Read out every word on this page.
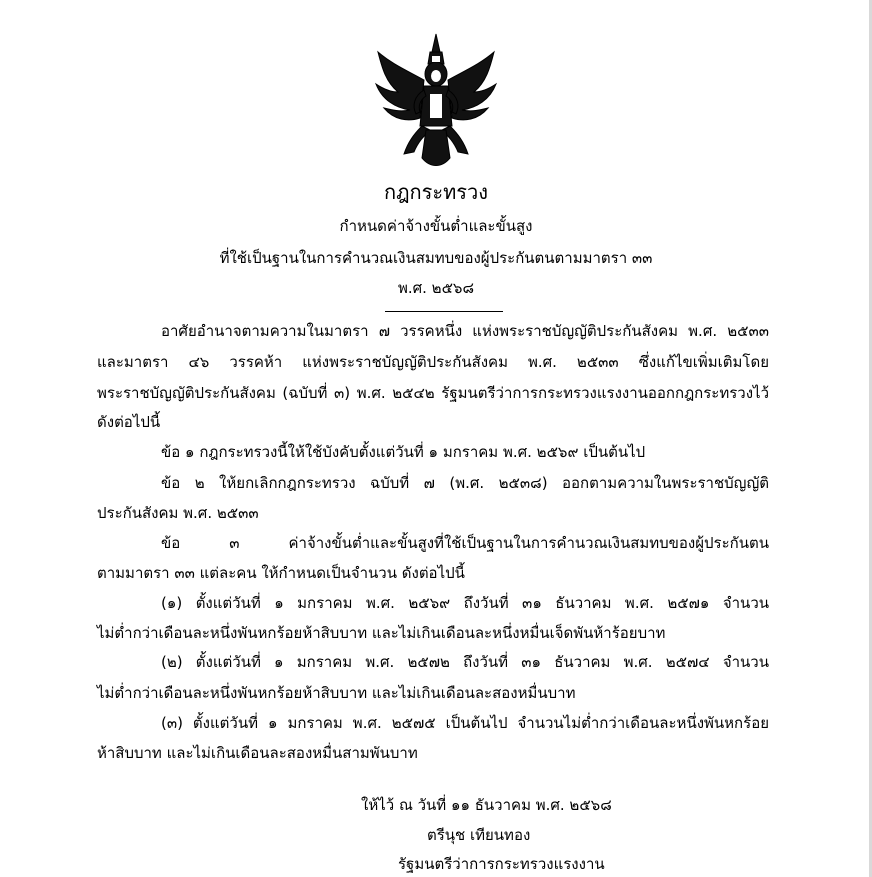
กฎกระทรวง
กำหนดค่าจ้างขั้นต่ำและขั้นสูง
ที่ใช้เป็นฐานในการคำนวณเงินสมทบของผู้ประกันตนตามมาตรา ๓๓
พ.ศ. ๒๕๖๘
อาศัยอำนาจตามความในมาตรา ๗ วรรคหนึ่ง แห่งพระราชบัญญัติประกันสังคม พ.ศ. ๒๕๓๓
และมาตรา ๔๖ วรรคห้า แห่งพระราชบัญญัติประกันสังคม พ.ศ. ๒๕๓๓ ซึ่งแก้ไขเพิ่มเติมโดย
พระราชบัญญัติประกันสังคม (ฉบับที่ ๓) พ.ศ. ๒๕๔๒ รัฐมนตรีว่าการกระทรวงแรงงานออกกฎกระทรวงไว้
ดังต่อไปนี้
ข้อ ๑ กฎกระทรวงนี้ให้ใช้บังคับตั้งแต่วันที่ ๑ มกราคม พ.ศ. ๒๕๖๙ เป็นต้นไป
ข้อ ๒ ให้ยกเลิกกฎกระทรวง ฉบับที่ ๗ (พ.ศ. ๒๕๓๘) ออกตามความในพระราชบัญญัติ
ประกันสังคม พ.ศ. ๒๕๓๓
ข้อ ๓ ค่าจ้างขั้นต่ำและขั้นสูงที่ใช้เป็นฐานในการคำนวณเงินสมทบของผู้ประกันตน
ตามมาตรา ๓๓ แต่ละคน ให้กำหนดเป็นจำนวน ดังต่อไปนี้
(๑) ตั้งแต่วันที่ ๑ มกราคม พ.ศ. ๒๕๖๙ ถึงวันที่ ๓๑ ธันวาคม พ.ศ. ๒๕๗๑ จำนวน
ไม่ต่ำกว่าเดือนละหนึ่งพันหกร้อยห้าสิบบาท และไม่เกินเดือนละหนึ่งหมื่นเจ็ดพันห้าร้อยบาท
(๒) ตั้งแต่วันที่ ๑ มกราคม พ.ศ. ๒๕๗๒ ถึงวันที่ ๓๑ ธันวาคม พ.ศ. ๒๕๗๔ จำนวน
ไม่ต่ำกว่าเดือนละหนึ่งพันหกร้อยห้าสิบบาท และไม่เกินเดือนละสองหมื่นบาท
(๓) ตั้งแต่วันที่ ๑ มกราคม พ.ศ. ๒๕๗๕ เป็นต้นไป จำนวนไม่ต่ำกว่าเดือนละหนึ่งพันหกร้อย
ห้าสิบบาท และไม่เกินเดือนละสองหมื่นสามพันบาท
ให้ไว้ ณ วันที่ ๑๑ ธันวาคม พ.ศ. ๒๕๖๘
ตรีนุช เทียนทอง
รัฐมนตรีว่าการกระทรวงแรงงาน
